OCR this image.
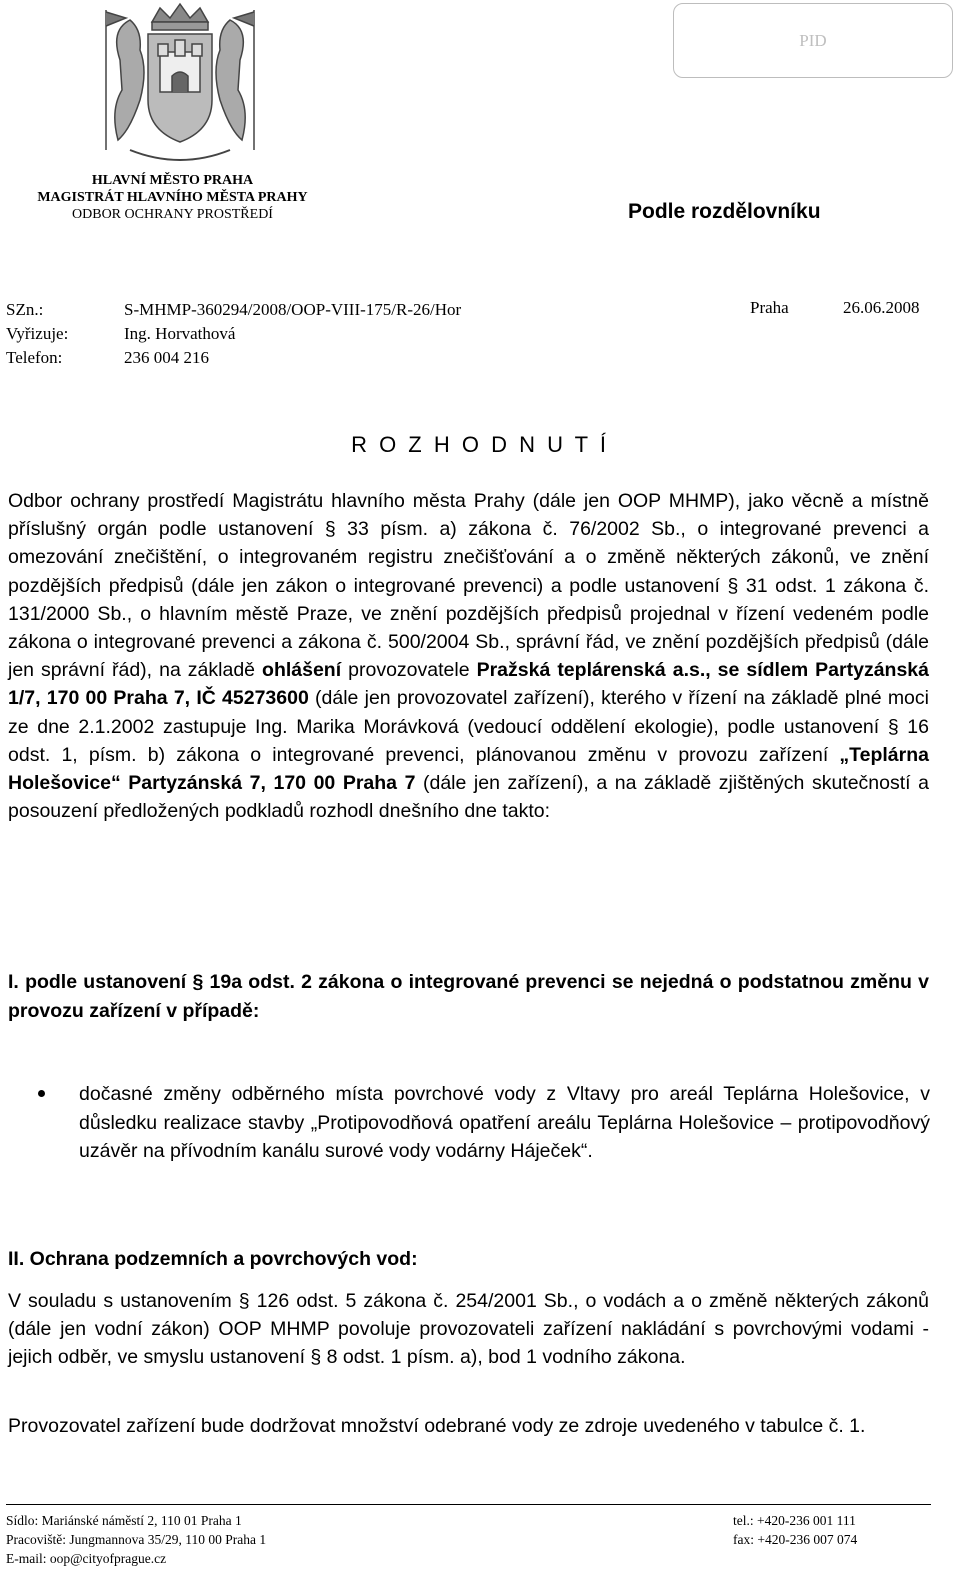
HLAVNÍ MĚSTO PRAHA
MAGISTRÁT HLAVNÍHO MĚSTA PRAHY
ODBOR OCHRANY PROSTŘEDÍ
PID
Podle rozdělovníku
SZn.:	S-MHMP-360294/2008/OOP-VIII-175/R-26/Hor
Vyřizuje:	Ing. Horvathová
Telefon:	236 004 216
Praha	26.06.2008
R O Z H O D N U T Í
Odbor ochrany prostředí Magistrátu hlavního města Prahy (dále jen OOP MHMP), jako věcně a místně příslušný orgán podle ustanovení § 33 písm. a) zákona č. 76/2002 Sb., o integrované prevenci a omezování znečištění, o integrovaném registru znečišťování a o změně některých zákonů, ve znění pozdějších předpisů (dále jen zákon o integrované prevenci) a podle ustanovení § 31 odst. 1 zákona č. 131/2000 Sb., o hlavním městě Praze, ve znění pozdějších předpisů projednal v řízení vedeném podle zákona o integrované prevenci a zákona č. 500/2004 Sb., správní řád, ve znění pozdějších předpisů (dále jen správní řád), na základě ohlášení provozovatele Pražská teplárenská a.s., se sídlem Partyzánská 1/7, 170 00 Praha 7, IČ 45273600 (dále jen provozovatel zařízení), kterého v řízení na základě plné moci ze dne 2.1.2002 zastupuje Ing. Marika Morávková (vedoucí oddělení ekologie), podle ustanovení § 16 odst. 1, písm. b) zákona o integrované prevenci, plánovanou změnu v provozu zařízení „Teplárna Holešovice“ Partyzánská 7, 170 00 Praha 7 (dále jen zařízení), a na základě zjištěných skutečností a posouzení předložených podkladů rozhodl dnešního dne takto:
I. podle ustanovení § 19a odst. 2 zákona o integrované prevenci se nejedná o podstatnou změnu v provozu zařízení v případě:
dočasné změny odběrného místa povrchové vody z Vltavy pro areál Teplárna Holešovice, v důsledku realizace stavby „Protipovodňová opatření areálu Teplárna Holešovice – protipovodňový uzávěr na přívodním kanálu surové vody vodárny Háječek“.
II. Ochrana podzemních a povrchových vod:
V souladu s ustanovením § 126 odst. 5 zákona č. 254/2001 Sb., o vodách a o změně některých zákonů (dále jen vodní zákon) OOP MHMP povoluje provozovateli zařízení nakládání s povrchovými vodami - jejich odběr, ve smyslu ustanovení § 8 odst. 1 písm. a), bod 1 vodního zákona.
Provozovatel zařízení bude dodržovat množství odebrané vody ze zdroje uvedeného v tabulce č. 1.
Sídlo: Mariánské náměstí 2, 110 01 Praha 1
Pracoviště: Jungmannova 35/29, 110 00 Praha 1
E-mail: oop@cityofprague.cz
tel.: +420-236 001 111
fax: +420-236 007 074
